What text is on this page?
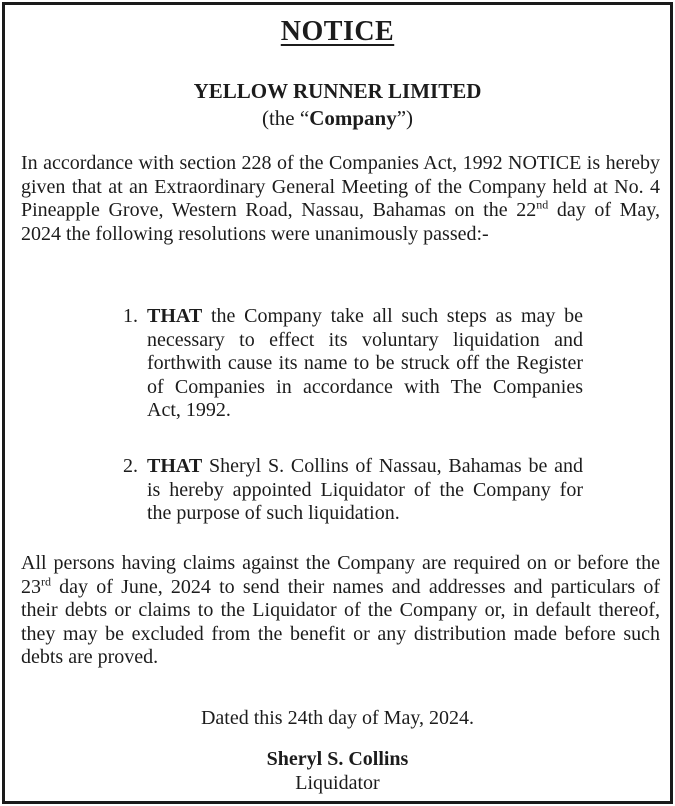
NOTICE
YELLOW RUNNER LIMITED
(the “Company”)
In accordance with section 228 of the Companies Act, 1992 NOTICE is hereby given that at an Extraordinary General Meeting of the Company held at No. 4 Pineapple Grove, Western Road, Nassau, Bahamas on the 22nd day of May, 2024 the following resolutions were unanimously passed:-
1. THAT the Company take all such steps as may be necessary to effect its voluntary liquidation and forthwith cause its name to be struck off the Register of Companies in accordance with The Companies Act, 1992.
2. THAT Sheryl S. Collins of Nassau, Bahamas be and is hereby appointed Liquidator of the Company for the purpose of such liquidation.
All persons having claims against the Company are required on or before the 23rd day of June, 2024 to send their names and addresses and particulars of their debts or claims to the Liquidator of the Company or, in default thereof, they may be excluded from the benefit or any distribution made before such debts are proved.
Dated this 24th day of May, 2024.
Sheryl S. Collins
Liquidator
